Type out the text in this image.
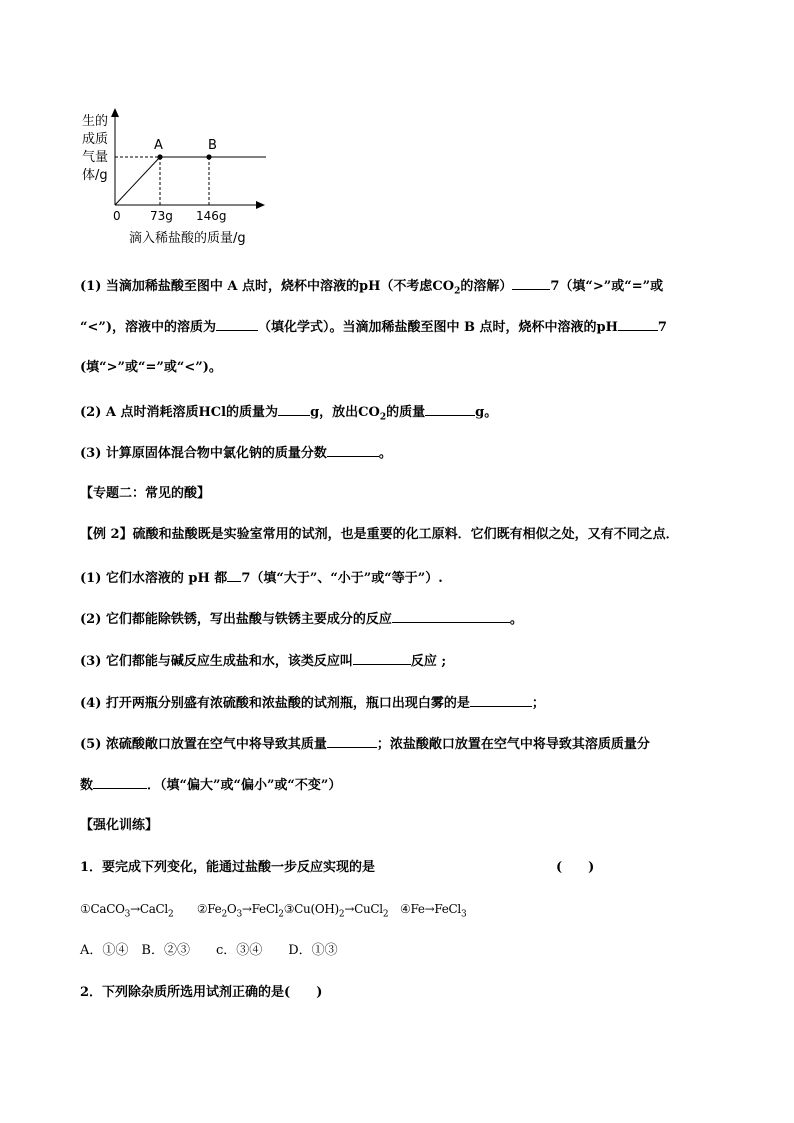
生的
成质
气量
体/g
A	B
0 73g 146g
滴入稀盐酸的质量/g
(1) 当滴加稀盐酸至图中 A 点时，烧杯中溶液的pH（不考虑$CO_2$的溶解）	7（填“>”或“=”或
“<”)，溶液中的溶质为	（填化学式）。当滴加稀盐酸至图中 B 点时，烧杯中溶液的pH	7
(填“>”或“=”或“<”)。
(2) A 点时消耗溶质HCl的质量为 g，放出$CO_2$的质量	g。
(3) 计算原固体混合物中氯化钠的质量分数	。
【专题二：常见的酸】
【例 2】硫酸和盐酸既是实验室常用的试剂，也是重要的化工原料．它们既有相似之处，又有不同之点．
(1) 它们水溶液的 pH 都 7（填“大于”、“小于”或“等于”）.
(2) 它们都能除铁锈，写出盐酸与铁锈主要成分的反应	。
(3) 它们都能与碱反应生成盐和水，该类反应叫	反应 ;
(4) 打开两瓶分别盛有浓硫酸和浓盐酸的试剂瓶，瓶口出现白雾的是	；
(5) 浓硫酸敞口放置在空气中将导致其质量	；浓盐酸敞口放置在空气中将导致其溶质质量分
数	．（填“偏大”或“偏小”或“不变”）
【强化训练】
1．要完成下列变化，能通过盐酸一步反应实现的是	(　　)
①CaCO$_3$→CaCl$_2$   $②Fe_2O_3\to FeCl_2③Cu(OH)_2\to CuCl_2$  ④Fe→FeCl$_3$
A．①④　B．②③　　c．③④　　D．①③
2．下列除杂质所选用试剂正确的是(　　)
